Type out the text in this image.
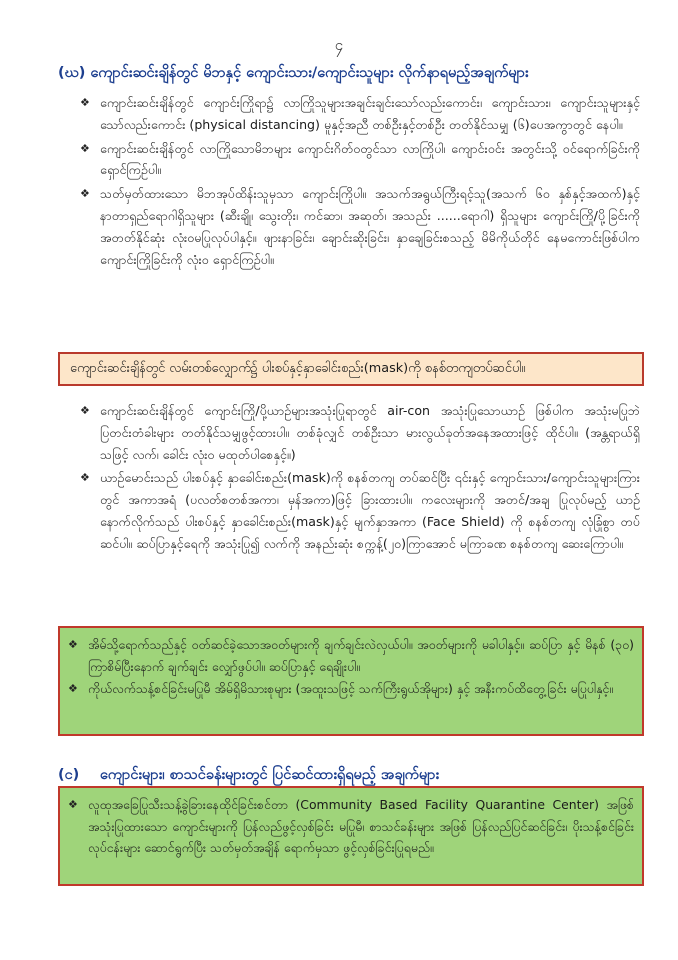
၄
(ဃ) ကျောင်းဆင်းချိန်တွင် မိဘနှင့် ကျောင်းသား/ကျောင်းသူများ လိုက်နာရမည့်အချက်များ
❖ ကျောင်းဆင်းချိန်တွင် ကျောင်းကြိုရာ၌ လာကြိုသူများအချင်းချင်းသော်လည်းကောင်း၊ ကျောင်းသား၊ ကျောင်းသူများနှင့် သော်လည်းကောင်း (physical distancing) မူနှင့်အညီ တစ်ဦးနှင့်တစ်ဦး တတ်နိုင်သမျှ (၆)ပေအကွာတွင် နေပါ။
❖ ကျောင်းဆင်းချိန်တွင် လာကြိုသောမိဘများ ကျောင်းဂိတ်ဝတွင်သာ လာကြိုပါ၊ ကျောင်းဝင်း အတွင်းသို့ ဝင်ရောက်ခြင်းကို ရှောင်ကြဉ်ပါ။
❖ သတ်မှတ်ထားသော မိဘအုပ်ထိန်းသူမှသာ ကျောင်းကြိုပါ။ အသက်အရွယ်ကြီးရင့်သူ(အသက် ၆၀ နှစ်နှင့်အထက်)နှင့် နာတာရှည်ရောဂါရှိသူများ (ဆီးချို၊ သွေးတိုး၊ ကင်ဆာ၊ အဆုတ်၊ အသည်း ......ရောဂါ) ရှိသူများ ကျောင်းကြို/ပို့ခြင်းကို အတတ်နိုင်ဆုံး လုံးဝမပြုလုပ်ပါနှင့်။ ဖျားနာခြင်း၊ ချောင်းဆိုးခြင်း၊ နှာချေခြင်းစသည့် မိမိကိုယ်တိုင် နေမကောင်းဖြစ်ပါက ကျောင်းကြိုခြင်းကို လုံးဝ ရှောင်ကြဉ်ပါ။
ကျောင်းဆင်းချိန်တွင် လမ်းတစ်လျှောက်၌ ပါးစပ်နှင့်နှာခေါင်းစည်း(mask)ကို စနစ်တကျတပ်ဆင်ပါ။
❖ ကျောင်းဆင်းချိန်တွင် ကျောင်းကြို/ပို့ယာဉ်များအသုံးပြုရာတွင် air-con အသုံးပြုသောယာဉ် ဖြစ်ပါက အသုံးမပြုဘဲ ပြတင်းတံခါးများ တတ်နိုင်သမျှဖွင့်ထားပါ။ တစ်ခုံလျှင် တစ်ဦးသာ မားလွယ်ခုတ်အနေအထားဖြင့် ထိုင်ပါ။ (အန္တရာယ်ရှိသဖြင့် လက်၊ ခေါင်း လုံးဝ မထုတ်ပါစေနှင့်။)
❖ ယာဉ်မောင်းသည် ပါးစပ်နှင့် နှာခေါင်းစည်း(mask)ကို စနစ်တကျ တပ်ဆင်ပြီး ၎င်းနှင့် ကျောင်းသား/ကျောင်းသူများကြားတွင် အကာအရံ (ပလတ်စတစ်အကာ၊ မှန်အကာ)ဖြင့် ခြားထားပါ။ ကလေးများကို အတင်/အချ ပြုလုပ်မည့် ယာဉ်နောက်လိုက်သည် ပါးစပ်နှင့် နှာခေါင်းစည်း(mask)နှင့် မျက်နှာအကာ (Face Shield) ကို စနစ်တကျ လုံခြုံစွာ တပ်ဆင်ပါ။ ဆပ်ပြာနှင့်ရေကို အသုံးပြု၍ လက်ကို အနည်းဆုံး စက္ကန့်(၂၀)ကြာအောင် မကြာခဏ စနစ်တကျ ဆေးကြောပါ။
❖ အိမ်သို့ရောက်သည်နှင့် ဝတ်ဆင်ခဲ့သောအဝတ်များကို ချက်ချင်းလဲလှယ်ပါ။ အဝတ်များကို မခါပါနှင့်။ ဆပ်ပြာ နှင့် မိနစ် (၃၀) ကြာစိမ်ပြီးနောက် ချက်ချင်း လျှော်ဖွပ်ပါ။ ဆပ်ပြာနှင့် ရေချိုးပါ။
❖ ကိုယ်လက်သန့်စင်ခြင်းမပြုမီ အိမ်ရှိမိသားစုများ (အထူးသဖြင့် သက်ကြီးရွယ်အိုများ) နှင့် အနီးကပ်ထိတွေ့ခြင်း မပြုပါနှင့်။
(င) ကျောင်းများ၊ စာသင်ခန်းများတွင် ပြင်ဆင်ထားရှိရမည့် အချက်များ
❖ လူထုအခြေပြုသီးသန့်ခွဲခြားနေထိုင်ခြင်းစင်တာ (Community Based Facility Quarantine Center) အဖြစ် အသုံးပြုထားသော ကျောင်းများကို ပြန်လည်ဖွင့်လှစ်ခြင်း မပြုမီ၊ စာသင်ခန်းများ အဖြစ် ပြန်လည်ပြင်ဆင်ခြင်း၊ ပိုးသန့်စင်ခြင်းလုပ်ငန်းများ ဆောင်ရွက်ပြီး သတ်မှတ်အချိန် ရောက်မှသာ ဖွင့်လှစ်ခြင်းပြုရမည်။
